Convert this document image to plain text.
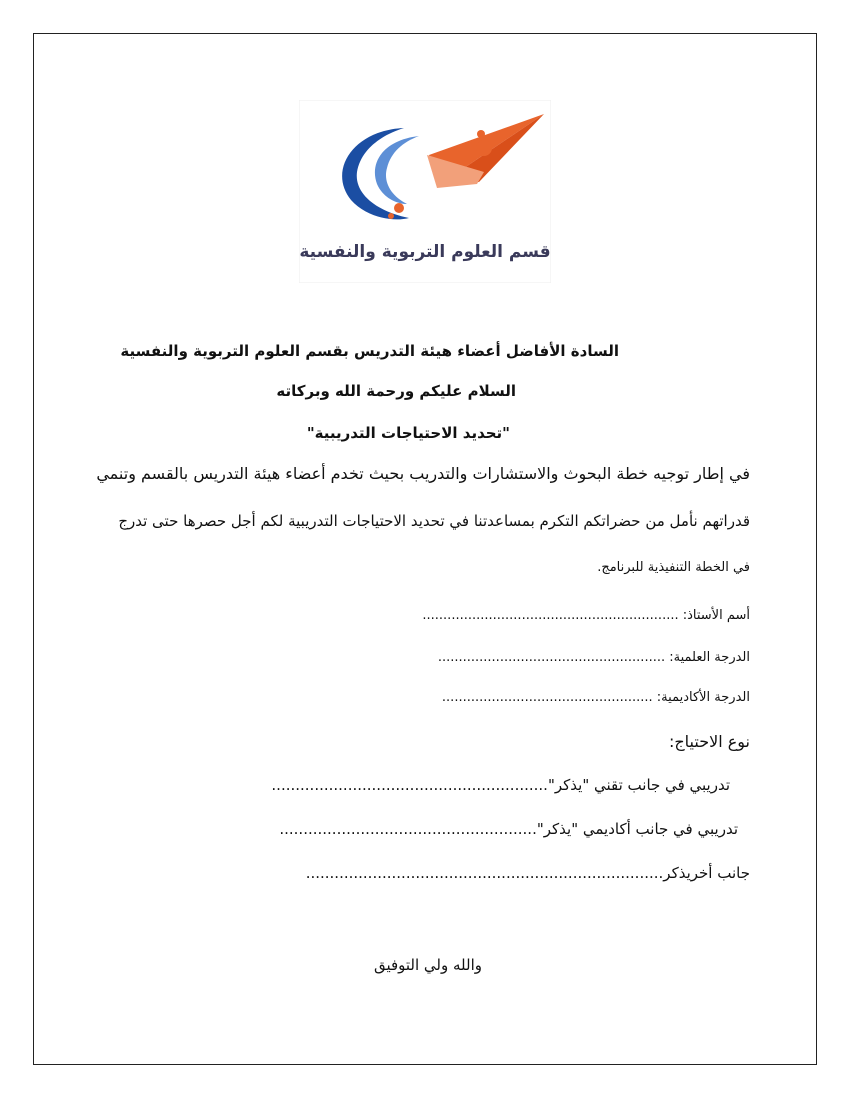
قسم العلوم التربوية والنفسية
السادة الأفاضل أعضاء هيئة التدريس بقسم العلوم التربوية والنفسية
السلام عليكم ورحمة الله وبركاته
"تحديد الاحتياجات التدريبية"
في إطار توجيه خطة البحوث والاستشارات والتدريب بحيث تخدم أعضاء هيئة التدريس بالقسم وتنمي
قدراتهم نأمل من حضراتكم التكرم بمساعدتنا في تحديد الاحتياجات التدريبية لكم أجل حصرها حتى تدرج
في الخطة التنفيذية للبرنامج.
أسم الأستاذ: ..............................................................
الدرجة العلمية: .......................................................
الدرجة الأكاديمية: ...................................................
نوع الاحتياج:
تدريبي في جانب تقني "يذكر"..........................................................
تدريبي في جانب أكاديمي "يذكر"......................................................
جانب أخريذكر...........................................................................
والله ولي التوفيق
